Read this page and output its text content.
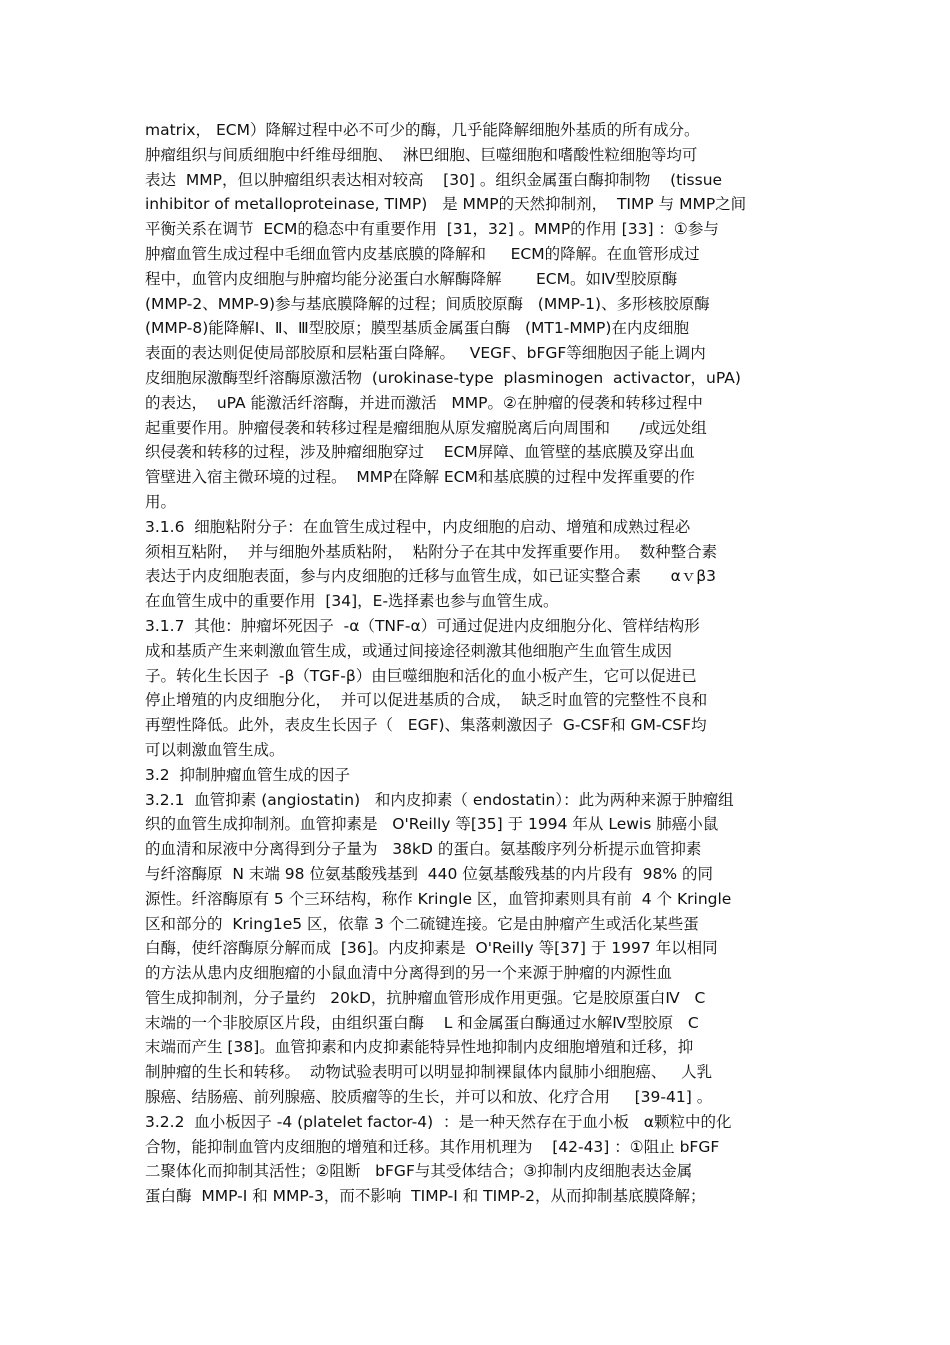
matrix， ECM）降解过程中必不可少的酶，几乎能降解细胞外基质的所有成分。
肿瘤组织与间质细胞中纤维母细胞、  淋巴细胞、巨噬细胞和嗜酸性粒细胞等均可
表达  MMP，但以肿瘤组织表达相对较高    [30] 。组织金属蛋白酶抑制物    (tissue
inhibitor of metalloproteinase, TIMP)   是 MMP的天然抑制剂，  TIMP 与 MMP之间
平衡关系在调节  ECM的稳态中有重要作用  [31，32] 。MMP的作用 [33] ：①参与
肿瘤血管生成过程中毛细血管内皮基底膜的降解和     ECM的降解。在血管形成过
程中，血管内皮细胞与肿瘤均能分泌蛋白水解酶降解       ECM。如Ⅳ型胶原酶
(MMP-2、MMP-9)参与基底膜降解的过程；间质胶原酶   (MMP-1)、多形核胶原酶
(MMP-8)能降解Ⅰ、Ⅱ、Ⅲ型胶原；膜型基质金属蛋白酶   (MT1-MMP)在内皮细胞
表面的表达则促使局部胶原和层粘蛋白降解。   VEGF、bFGF等细胞因子能上调内
皮细胞尿激酶型纤溶酶原激活物  (urokinase-type  plasminogen  activactor，uPA)
的表达，  uPA 能激活纤溶酶，并进而激活   MMP。②在肿瘤的侵袭和转移过程中
起重要作用。肿瘤侵袭和转移过程是瘤细胞从原发瘤脱离后向周围和      /或远处组
织侵袭和转移的过程，涉及肿瘤细胞穿过    ECM屏障、血管壁的基底膜及穿出血
管壁进入宿主微环境的过程。  MMP在降解 ECM和基底膜的过程中发挥重要的作
用。
3.1.6  细胞粘附分子：在血管生成过程中，内皮细胞的启动、增殖和成熟过程必
须相互粘附，  并与细胞外基质粘附，  粘附分子在其中发挥重要作用。  数种整合素
表达于内皮细胞表面，参与内皮细胞的迁移与血管生成，如已证实整合素      αｖβ3
在血管生成中的重要作用  [34]，E-选择素也参与血管生成。
3.1.7  其他：肿瘤坏死因子  -α（TNF-α）可通过促进内皮细胞分化、管样结构形
成和基质产生来刺激血管生成，或通过间接途径刺激其他细胞产生血管生成因
子。转化生长因子  -β（TGF-β）由巨噬细胞和活化的血小板产生，它可以促进已
停止增殖的内皮细胞分化，  并可以促进基质的合成，  缺乏时血管的完整性不良和
再塑性降低。此外，表皮生长因子（   EGF)、集落刺激因子  G-CSF和 GM-CSF均
可以刺激血管生成。
3.2  抑制肿瘤血管生成的因子
3.2.1  血管抑素 (angiostatin)   和内皮抑素（ endostatin）：此为两种来源于肿瘤组
织的血管生成抑制剂。血管抑素是   O'Reilly 等[35] 于 1994 年从 Lewis 肺癌小鼠
的血清和尿液中分离得到分子量为   38kD 的蛋白。氨基酸序列分析提示血管抑素
与纤溶酶原  N 末端 98 位氨基酸残基到  440 位氨基酸残基的内片段有  98% 的同
源性。纤溶酶原有 5 个三环结构，称作 Kringle 区，血管抑素则具有前  4 个 Kringle
区和部分的  Kring1e5 区，依靠 3 个二硫键连接。它是由肿瘤产生或活化某些蛋
白酶，使纤溶酶原分解而成  [36]。内皮抑素是  O'Reilly 等[37] 于 1997 年以相同
的方法从患内皮细胞瘤的小鼠血清中分离得到的另一个来源于肿瘤的内源性血
管生成抑制剂，分子量约   20kD，抗肿瘤血管形成作用更强。它是胶原蛋白Ⅳ   C
末端的一个非胶原区片段，由组织蛋白酶    L 和金属蛋白酶通过水解Ⅳ型胶原   C
末端而产生 [38]。血管抑素和内皮抑素能特异性地抑制内皮细胞增殖和迁移，抑
制肿瘤的生长和转移。  动物试验表明可以明显抑制裸鼠体内鼠肺小细胞癌、   人乳
腺癌、结肠癌、前列腺癌、胶质瘤等的生长，并可以和放、化疗合用     [39-41] 。
3.2.2  血小板因子 -4 (platelet factor-4)  ：是一种天然存在于血小板   α颗粒中的化
合物，能抑制血管内皮细胞的增殖和迁移。其作用机理为    [42-43] ：①阻止 bFGF
二聚体化而抑制其活性；②阻断   bFGF与其受体结合；③抑制内皮细胞表达金属
蛋白酶  MMP-I 和 MMP-3，而不影响  TIMP-I 和 TIMP-2，从而抑制基底膜降解；
